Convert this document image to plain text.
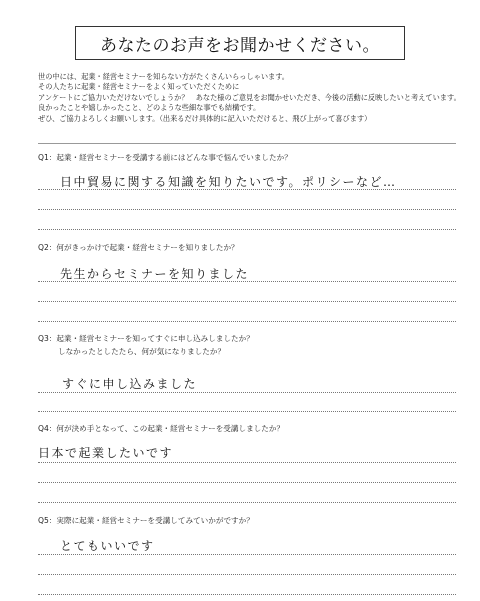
あなたのお声をお聞かせください。
世の中には、起業・経営セミナーを知らない方がたくさんいらっしゃいます。
その人たちに起業・経営セミナーをよく知っていただくために
アンケートにご協力いただけないでしょうか？　あなた様のご意見をお聞かせいただき、今後の活動に反映したいと考えています。
良かったことや嬉しかったこと、どのような些細な事でも結構です。
ぜひ、ご協力よろしくお願いします。（出来るだけ具体的に記入いただけると、飛び上がって喜びます）
Q1：起業・経営セミナーを受講する前にはどんな事で悩んでいましたか？
日中貿易に関する知識を知りたいです。ポリシーなど…
Q2：何がきっかけで起業・経営セミナーを知りましたか？
先生からセミナーを知りました
Q3：起業・経営セミナーを知ってすぐに申し込みしましたか？
しなかったとしたたら、何が気になりましたか？
すぐに申し込みました
Q4：何が決め手となって、この起業・経営セミナーを受講しましたか？
日本で起業したいです
Q5：実際に起業・経営セミナーを受講してみていかがですか？
とてもいいです
